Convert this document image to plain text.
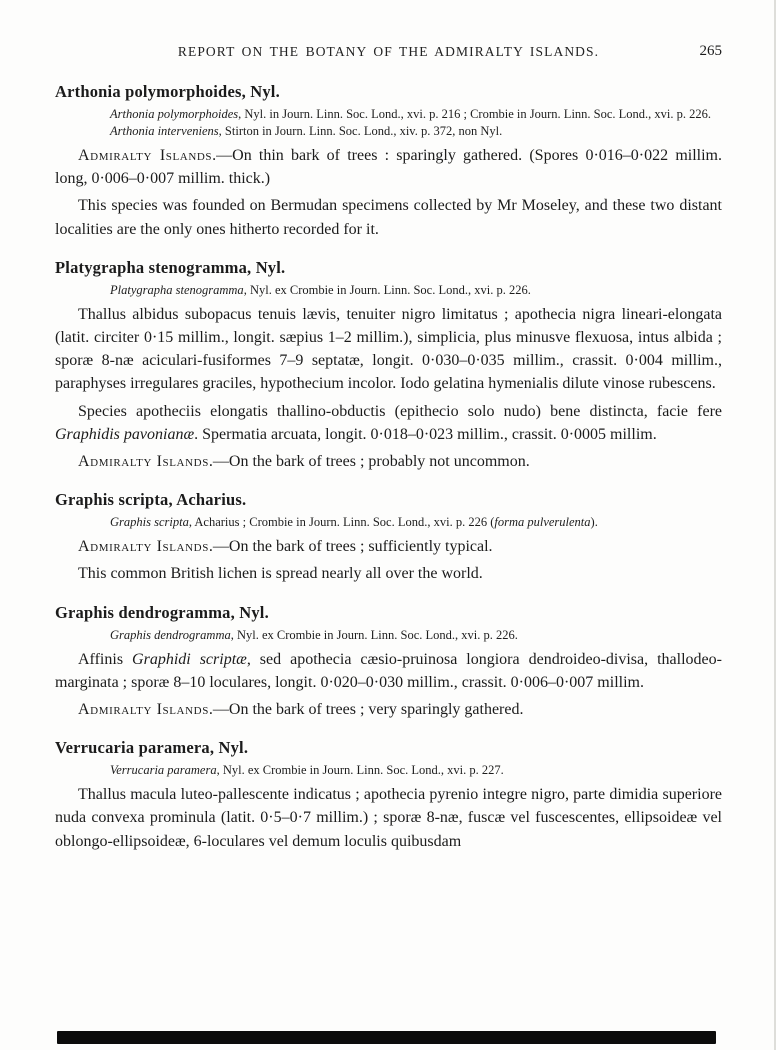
REPORT ON THE BOTANY OF THE ADMIRALTY ISLANDS.	265
Arthonia polymorphoides, Nyl.

Arthonia polymorphoides, Nyl. in Journ. Linn. Soc. Lond., xvi. p. 216 ; Crombie in Journ. Linn. Soc. Lond., xvi. p. 226.

Arthonia interveniens, Stirton in Journ. Linn. Soc. Lond., xiv. p. 372, non Nyl.

Admiralty Islands.—On thin bark of trees : sparingly gathered. (Spores 0·016–0·022 millim. long, 0·006–0·007 millim. thick.)

This species was founded on Bermudan specimens collected by Mr Moseley, and these two distant localities are the only ones hitherto recorded for it.

Platygrapha stenogramma, Nyl.

Platygrapha stenogramma, Nyl. ex Crombie in Journ. Linn. Soc. Lond., xvi. p. 226.

Thallus albidus subopacus tenuis lævis, tenuiter nigro limitatus ; apothecia nigra lineari-elongata (latit. circiter 0·15 millim., longit. sæpius 1–2 millim.), simplicia, plus minusve flexuosa, intus albida ; sporæ 8-næ aciculari-fusiformes 7–9 septatæ, longit. 0·030–0·035 millim., crassit. 0·004 millim., paraphyses irregulares graciles, hypothecium incolor. Iodo gelatina hymenialis dilute vinose rubescens.

Species apotheciis elongatis thallino-obductis (epithecio solo nudo) bene distincta, facie fere Graphidis pavonianæ. Spermatia arcuata, longit. 0·018–0·023 millim., crassit. 0·0005 millim.

Admiralty Islands.—On the bark of trees ; probably not uncommon.

Graphis scripta, Acharius.

Graphis scripta, Acharius ; Crombie in Journ. Linn. Soc. Lond., xvi. p. 226 (forma pulverulenta).

Admiralty Islands.—On the bark of trees ; sufficiently typical.

This common British lichen is spread nearly all over the world.

Graphis dendrogramma, Nyl.

Graphis dendrogramma, Nyl. ex Crombie in Journ. Linn. Soc. Lond., xvi. p. 226.

Affinis Graphidi scriptæ, sed apothecia cæsio-pruinosa longiora dendroideo-divisa, thallodeo-marginata ; sporæ 8–10 loculares, longit. 0·020–0·030 millim., crassit. 0·006–0·007 millim.

Admiralty Islands.—On the bark of trees ; very sparingly gathered.

Verrucaria paramera, Nyl.

Verrucaria paramera, Nyl. ex Crombie in Journ. Linn. Soc. Lond., xvi. p. 227.

Thallus macula luteo-pallescente indicatus ; apothecia pyrenio integre nigro, parte dimidia superiore nuda convexa prominula (latit. 0·5–0·7 millim.) ; sporæ 8-næ, fuscæ vel fuscescentes, ellipsoideæ vel oblongo-ellipsoideæ, 6-loculares vel demum loculis quibusdam
